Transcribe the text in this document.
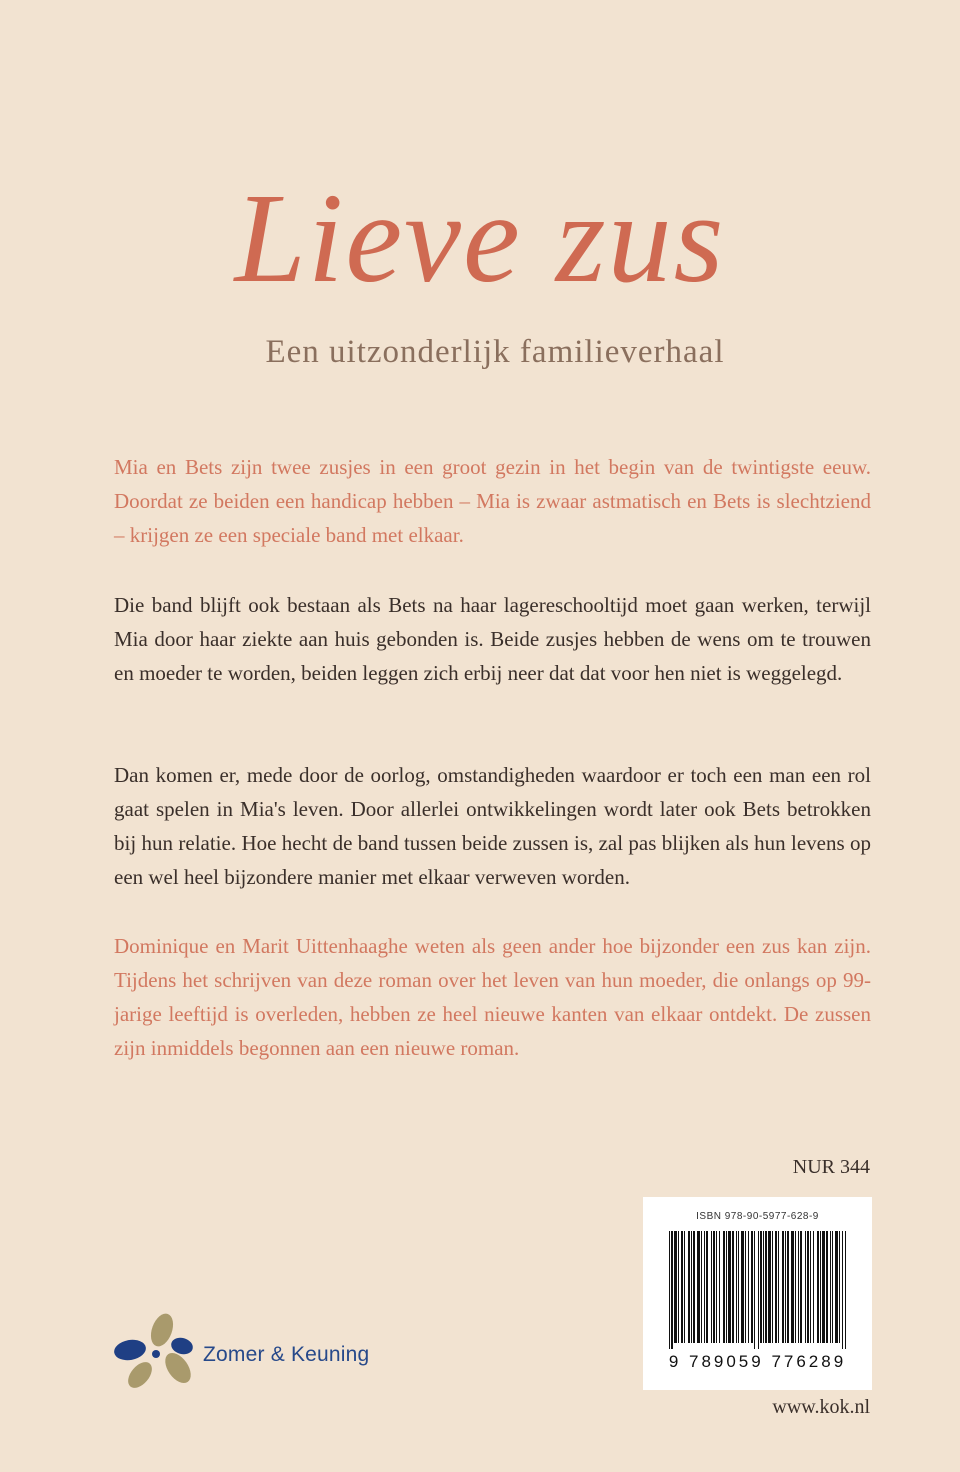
Lieve zus
Een uitzonderlijk familieverhaal

Mia en Bets zijn twee zusjes in een groot gezin in het begin van de twintigste eeuw. Doordat ze beiden een handicap hebben – Mia is zwaar astmatisch en Bets is slechtziend – krijgen ze een speciale band met elkaar.

Die band blijft ook bestaan als Bets na haar lagereschooltijd moet gaan werken, terwijl Mia door haar ziekte aan huis gebonden is. Beide zusjes hebben de wens om te trouwen en moeder te worden, beiden leggen zich erbij neer dat dat voor hen niet is weggelegd.

Dan komen er, mede door de oorlog, omstandigheden waardoor er toch een man een rol gaat spelen in Mia's leven. Door allerlei ontwikkelingen wordt later ook Bets betrokken bij hun relatie. Hoe hecht de band tussen beide zussen is, zal pas blijken als hun levens op een wel heel bijzondere manier met elkaar verweven worden.

Dominique en Marit Uittenhaaghe weten als geen ander hoe bijzonder een zus kan zijn. Tijdens het schrijven van deze roman over het leven van hun moeder, die onlangs op 99-jarige leeftijd is overleden, hebben ze heel nieuwe kanten van elkaar ontdekt. De zussen zijn inmiddels begonnen aan een nieuwe roman.

NUR 344
ISBN 978-90-5977-628-9
9 789059 776289
www.kok.nl
Zomer & Keuning
